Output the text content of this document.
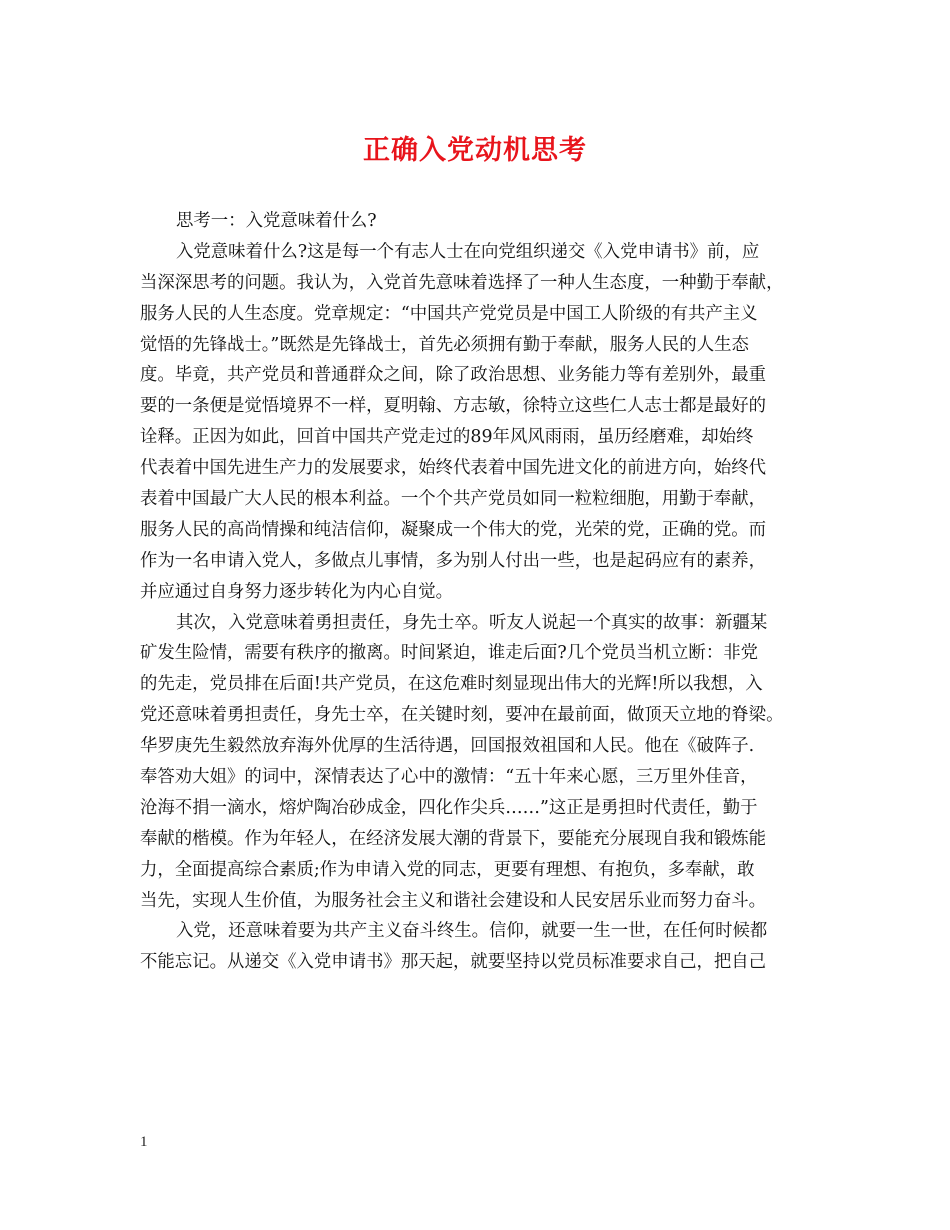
正确入党动机思考
思考一：入党意味着什么?
入党意味着什么?这是每一个有志人士在向党组织递交《入党申请书》前，应
当深深思考的问题。我认为，入党首先意味着选择了一种人生态度，一种勤于奉献，
服务人民的人生态度。党章规定：“中国共产党党员是中国工人阶级的有共产主义
觉悟的先锋战士。”既然是先锋战士，首先必须拥有勤于奉献，服务人民的人生态
度。毕竟，共产党员和普通群众之间，除了政治思想、业务能力等有差别外，最重
要的一条便是觉悟境界不一样，夏明翰、方志敏，徐特立这些仁人志士都是最好的
诠释。正因为如此，回首中国共产党走过的89年风风雨雨，虽历经磨难，却始终
代表着中国先进生产力的发展要求，始终代表着中国先进文化的前进方向，始终代
表着中国最广大人民的根本利益。一个个共产党员如同一粒粒细胞，用勤于奉献，
服务人民的高尚情操和纯洁信仰，凝聚成一个伟大的党，光荣的党，正确的党。而
作为一名申请入党人，多做点儿事情，多为别人付出一些，也是起码应有的素养，
并应通过自身努力逐步转化为内心自觉。
其次，入党意味着勇担责任，身先士卒。听友人说起一个真实的故事：新疆某
矿发生险情，需要有秩序的撤离。时间紧迫，谁走后面?几个党员当机立断：非党
的先走，党员排在后面!共产党员，在这危难时刻显现出伟大的光辉!所以我想，入
党还意味着勇担责任，身先士卒，在关键时刻，要冲在最前面，做顶天立地的脊梁。
华罗庚先生毅然放弃海外优厚的生活待遇，回国报效祖国和人民。他在《破阵子.
奉答劝大姐》的词中，深情表达了心中的激情：“五十年来心愿，三万里外佳音，
沧海不捐一滴水，熔炉陶冶砂成金，四化作尖兵……”这正是勇担时代责任，勤于
奉献的楷模。作为年轻人，在经济发展大潮的背景下，要能充分展现自我和锻炼能
力，全面提高综合素质;作为申请入党的同志，更要有理想、有抱负，多奉献，敢
当先，实现人生价值，为服务社会主义和谐社会建设和人民安居乐业而努力奋斗。
入党，还意味着要为共产主义奋斗终生。信仰，就要一生一世，在任何时候都
不能忘记。从递交《入党申请书》那天起，就要坚持以党员标准要求自己，把自己
1
